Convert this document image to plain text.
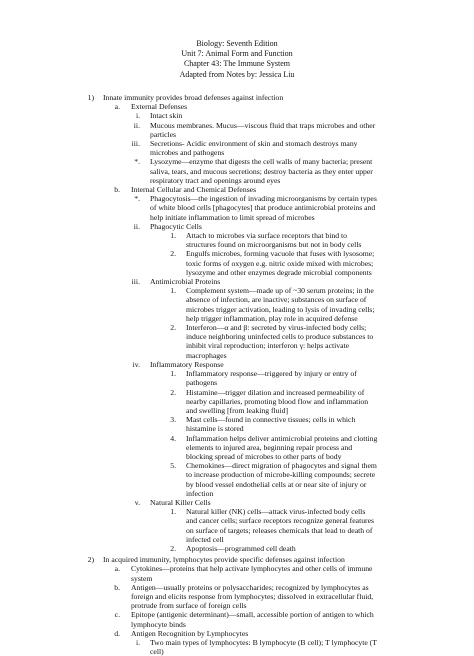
Biology: Seventh Edition
Unit 7: Animal Form and Function
Chapter 43: The Immune System
Adapted from Notes by: Jessica Liu
1) Innate immunity provides broad defenses against infection
a. External Defenses
i. Intact skin
ii. Mucous membranes. Mucus—viscous fluid that traps microbes and other particles
iii. Secretions- Acidic environment of skin and stomach destroys many microbes and pathogens
*. Lysozyme—enzyme that digests the cell walls of many bacteria; present saliva, tears, and mucous secretions; destroy bacteria as they enter upper respiratory tract and openings around eyes
b. Internal Cellular and Chemical Defenses
*. Phagocytosis—the ingestion of invading microorganisms by certain types of white blood cells [phagocytes] that produce antimicrobial proteins and help initiate inflammation to limit spread of microbes
ii. Phagocytic Cells
1. Attach to microbes via surface receptors that bind to structures found on microorganisms but not in body cells
2. Engulfs microbes, forming vacuole that fuses with lysosome; toxic forms of oxygen e.g. nitric oxide mixed with microbes; lysozyme and other enzymes degrade microbial components
iii. Antimicrobial Proteins
1. Complement system—made up of ~30 serum proteins; in the absence of infection, are inactive; substances on surface of microbes trigger activation, leading to lysis of invading cells; help trigger inflammation, play role in acquired defense
2. Interferon—α and β: secreted by virus-infected body cells; induce neighboring uninfected cells to produce substances to inhibit viral reproduction; interferon γ: helps activate macrophages
iv. Inflammatory Response
1. Inflammatory response—triggered by injury or entry of pathogens
2. Histamine—trigger dilation and increased permeability of nearby capillaries, promoting blood flow and inflammation and swelling [from leaking fluid]
3. Mast cells—found in connective tissues; cells in which histamine is stored
4. Inflammation helps deliver antimicrobial proteins and clotting elements to injured area, beginning repair process and blocking spread of microbes to other parts of body
5. Chemokines—direct migration of phagocytes and signal them to increase production of microbe-killing compounds; secrete by blood vessel endothelial cells at or near site of injury or infection
v. Natural Killer Cells
1. Natural killer (NK) cells—attack virus-infected body cells and cancer cells; surface receptors recognize general features on surface of targets; releases chemicals that lead to death of infected cell
2. Apoptosis—programmed cell death
2) In acquired immunity, lymphocytes provide specific defenses against infection
a. Cytokines—proteins that help activate lymphocytes and other cells of immune system
b. Antigen—usually proteins or polysaccharides; recognized by lymphocytes as foreign and elicits response from lymphocytes; dissolved in extracellular fluid, protrude from surface of foreign cells
c. Epitope (antigenic determinant)—small, accessible portion of antigen to which lymphocyte binds
d. Antigen Recognition by Lymphocytes
i. Two main types of lymphocytes: B lymphocyte (B cell); T lymphocyte (T cell)
